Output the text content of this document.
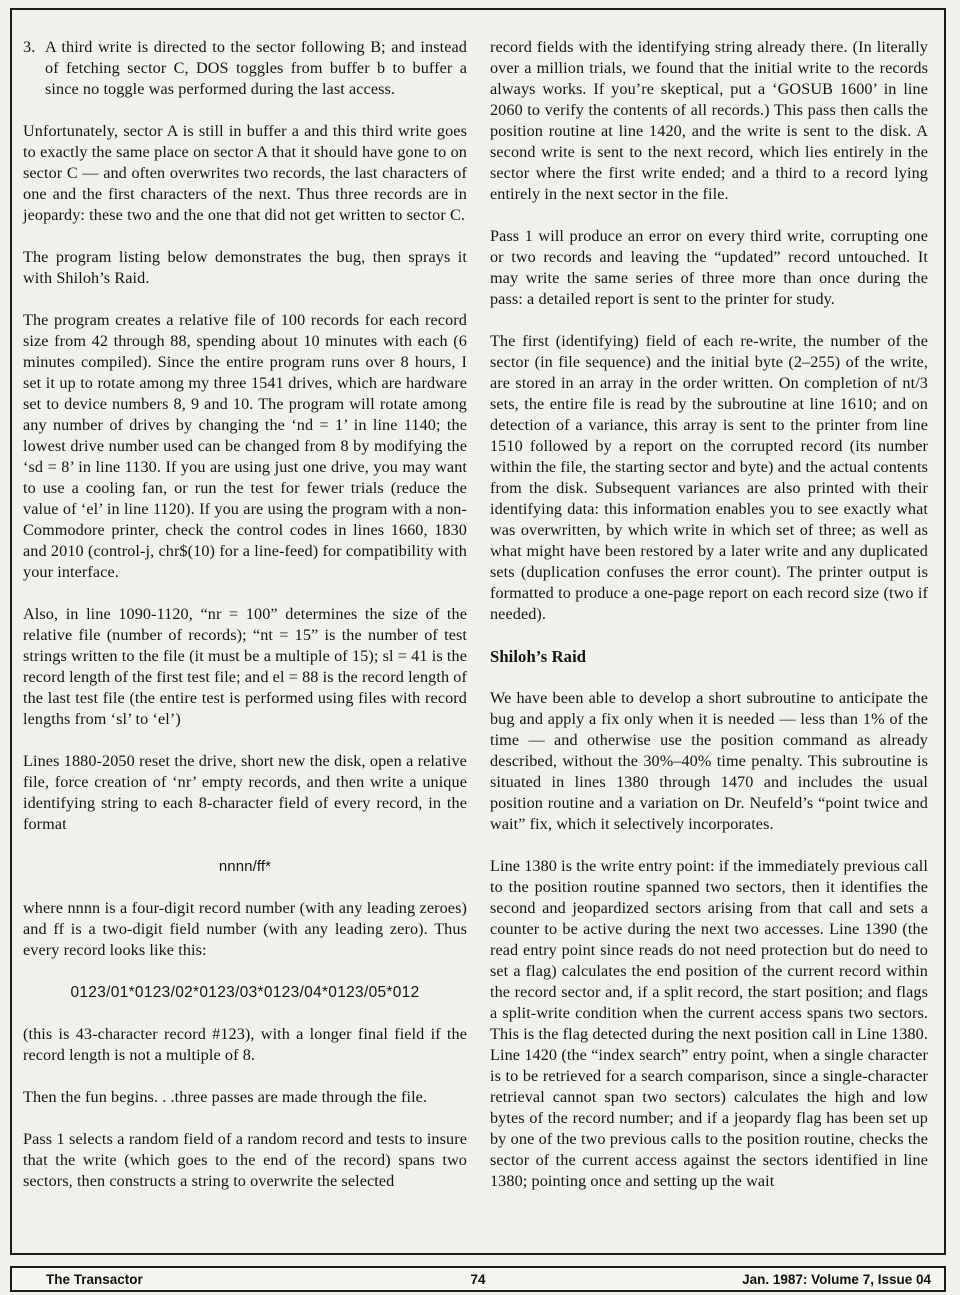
3. A third write is directed to the sector following B; and instead of fetching sector C, DOS toggles from buffer b to buffer a since no toggle was performed during the last access.

Unfortunately, sector A is still in buffer a and this third write goes to exactly the same place on sector A that it should have gone to on sector C — and often overwrites two records, the last characters of one and the first characters of the next. Thus three records are in jeopardy: these two and the one that did not get written to sector C.

The program listing below demonstrates the bug, then sprays it with Shiloh’s Raid.

The program creates a relative file of 100 records for each record size from 42 through 88, spending about 10 minutes with each (6 minutes compiled). Since the entire program runs over 8 hours, I set it up to rotate among my three 1541 drives, which are hardware set to device numbers 8, 9 and 10. The program will rotate among any number of drives by changing the ‘nd = 1’ in line 1140; the lowest drive number used can be changed from 8 by modifying the ‘sd = 8’ in line 1130. If you are using just one drive, you may want to use a cooling fan, or run the test for fewer trials (reduce the value of ‘el’ in line 1120). If you are using the program with a non-Commodore printer, check the control codes in lines 1660, 1830 and 2010 (control-j, chr$(10) for a line-feed) for compatibility with your interface.

Also, in line 1090-1120, “nr = 100” determines the size of the relative file (number of records); “nt = 15” is the number of test strings written to the file (it must be a multiple of 15); sl = 41 is the record length of the first test file; and el = 88 is the record length of the last test file (the entire test is performed using files with record lengths from ‘sl’ to ‘el’)

Lines 1880-2050 reset the drive, short new the disk, open a relative file, force creation of ‘nr’ empty records, and then write a unique identifying string to each 8-character field of every record, in the format

nnnn/ff*

where nnnn is a four-digit record number (with any leading zeroes) and ff is a two-digit field number (with any leading zero). Thus every record looks like this:

0123/01*0123/02*0123/03*0123/04*0123/05*012

(this is 43-character record #123), with a longer final field if the record length is not a multiple of 8.

Then the fun begins. . .three passes are made through the file.

Pass 1 selects a random field of a random record and tests to insure that the write (which goes to the end of the record) spans two sectors, then constructs a string to overwrite the selected

record fields with the identifying string already there. (In literally over a million trials, we found that the initial write to the records always works. If you’re skeptical, put a ‘GOSUB 1600’ in line 2060 to verify the contents of all records.) This pass then calls the position routine at line 1420, and the write is sent to the disk. A second write is sent to the next record, which lies entirely in the sector where the first write ended; and a third to a record lying entirely in the next sector in the file.

Pass 1 will produce an error on every third write, corrupting one or two records and leaving the “updated” record untouched. It may write the same series of three more than once during the pass: a detailed report is sent to the printer for study.

The first (identifying) field of each re-write, the number of the sector (in file sequence) and the initial byte (2–255) of the write, are stored in an array in the order written. On completion of nt/3 sets, the entire file is read by the subroutine at line 1610; and on detection of a variance, this array is sent to the printer from line 1510 followed by a report on the corrupted record (its number within the file, the starting sector and byte) and the actual contents from the disk. Subsequent variances are also printed with their identifying data: this information enables you to see exactly what was overwritten, by which write in which set of three; as well as what might have been restored by a later write and any duplicated sets (duplication confuses the error count). The printer output is formatted to produce a one-page report on each record size (two if needed).

Shiloh’s Raid

We have been able to develop a short subroutine to anticipate the bug and apply a fix only when it is needed — less than 1% of the time — and otherwise use the position command as already described, without the 30%–40% time penalty. This subroutine is situated in lines 1380 through 1470 and includes the usual position routine and a variation on Dr. Neufeld’s “point twice and wait” fix, which it selectively incorporates.

Line 1380 is the write entry point: if the immediately previous call to the position routine spanned two sectors, then it identifies the second and jeopardized sectors arising from that call and sets a counter to be active during the next two accesses. Line 1390 (the read entry point since reads do not need protection but do need to set a flag) calculates the end position of the current record within the record sector and, if a split record, the start position; and flags a split-write condition when the current access spans two sectors. This is the flag detected during the next position call in Line 1380. Line 1420 (the “index search” entry point, when a single character is to be retrieved for a search comparison, since a single-character retrieval cannot span two sectors) calculates the high and low bytes of the record number; and if a jeopardy flag has been set up by one of the two previous calls to the position routine, checks the sector of the current access against the sectors identified in line 1380; pointing once and setting up the wait

The Transactor	74	Jan. 1987: Volume 7, Issue 04
